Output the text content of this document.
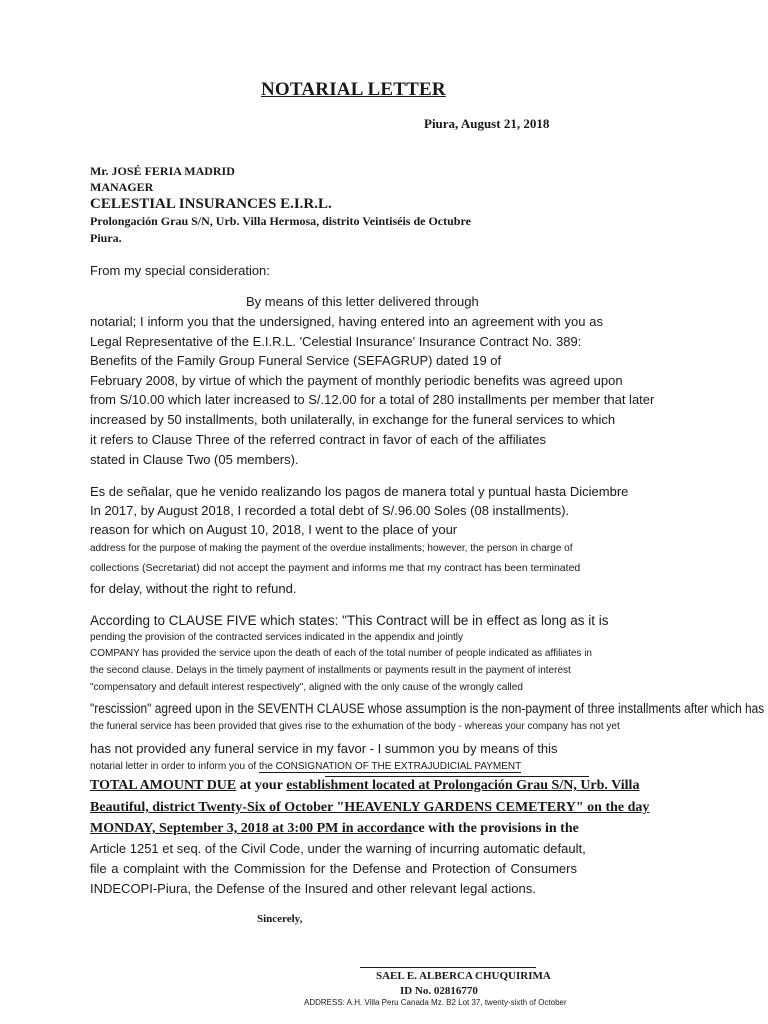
NOTARIAL LETTER
Piura, August 21, 2018
Mr. JOSÉ FERIA MADRID
MANAGER
CELESTIAL INSURANCES E.I.R.L.
Prolongación Grau S/N, Urb. Villa Hermosa, distrito Veintiséis de Octubre
Piura.
From my special consideration:
By means of this letter delivered through
notarial; I inform you that the undersigned, having entered into an agreement with you as
Legal Representative of the E.I.R.L. 'Celestial Insurance' Insurance Contract No. 389:
Benefits of the Family Group Funeral Service (SEFAGRUP) dated 19 of
February 2008, by virtue of which the payment of monthly periodic benefits was agreed upon
from S/10.00 which later increased to S/.12.00 for a total of 280 installments per member that later
increased by 50 installments, both unilaterally, in exchange for the funeral services to which
it refers to Clause Three of the referred contract in favor of each of the affiliates
stated in Clause Two (05 members).
Es de señalar, que he venido realizando los pagos de manera total y puntual hasta Diciembre
In 2017, by August 2018, I recorded a total debt of S/.96.00 Soles (08 installments).
reason for which on August 10, 2018, I went to the place of your
address for the purpose of making the payment of the overdue installments; however, the person in charge of
collections (Secretariat) did not accept the payment and informs me that my contract has been terminated
for delay, without the right to refund.
According to CLAUSE FIVE which states: "This Contract will be in effect as long as it is
pending the provision of the contracted services indicated in the appendix and jointly
COMPANY has provided the service upon the death of each of the total number of people indicated as affiliates in
the second clause. Delays in the timely payment of installments or payments result in the payment of interest
"compensatory and default interest respectively", aligned with the only cause of the wrongly called
"rescission" agreed upon in the SEVENTH CLAUSE whose assumption is the non-payment of three installments after which has
the funeral service has been provided that gives rise to the exhumation of the body - whereas your company has not yet
has not provided any funeral service in my favor - I summon you by means of this
notarial letter in order to inform you of the CONSIGNATION OF THE EXTRAJUDICIAL PAYMENT
TOTAL AMOUNT DUE at your establishment located at Prolongación Grau S/N, Urb. Villa
Beautiful, district Twenty-Six of October "HEAVENLY GARDENS CEMETERY" on the day
MONDAY, September 3, 2018 at 3:00 PM in accordance with the provisions in the
Article 1251 et seq. of the Civil Code, under the warning of incurring automatic default,
file a complaint with the Commission for the Defense and Protection of Consumers
INDECOPI-Piura, the Defense of the Insured and other relevant legal actions.
Sincerely,
SAEL E. ALBERCA CHUQUIRIMA
ID No. 02816770
ADDRESS: A.H. Villa Peru Canada Mz. B2 Lot 37, twenty-sixth of October
